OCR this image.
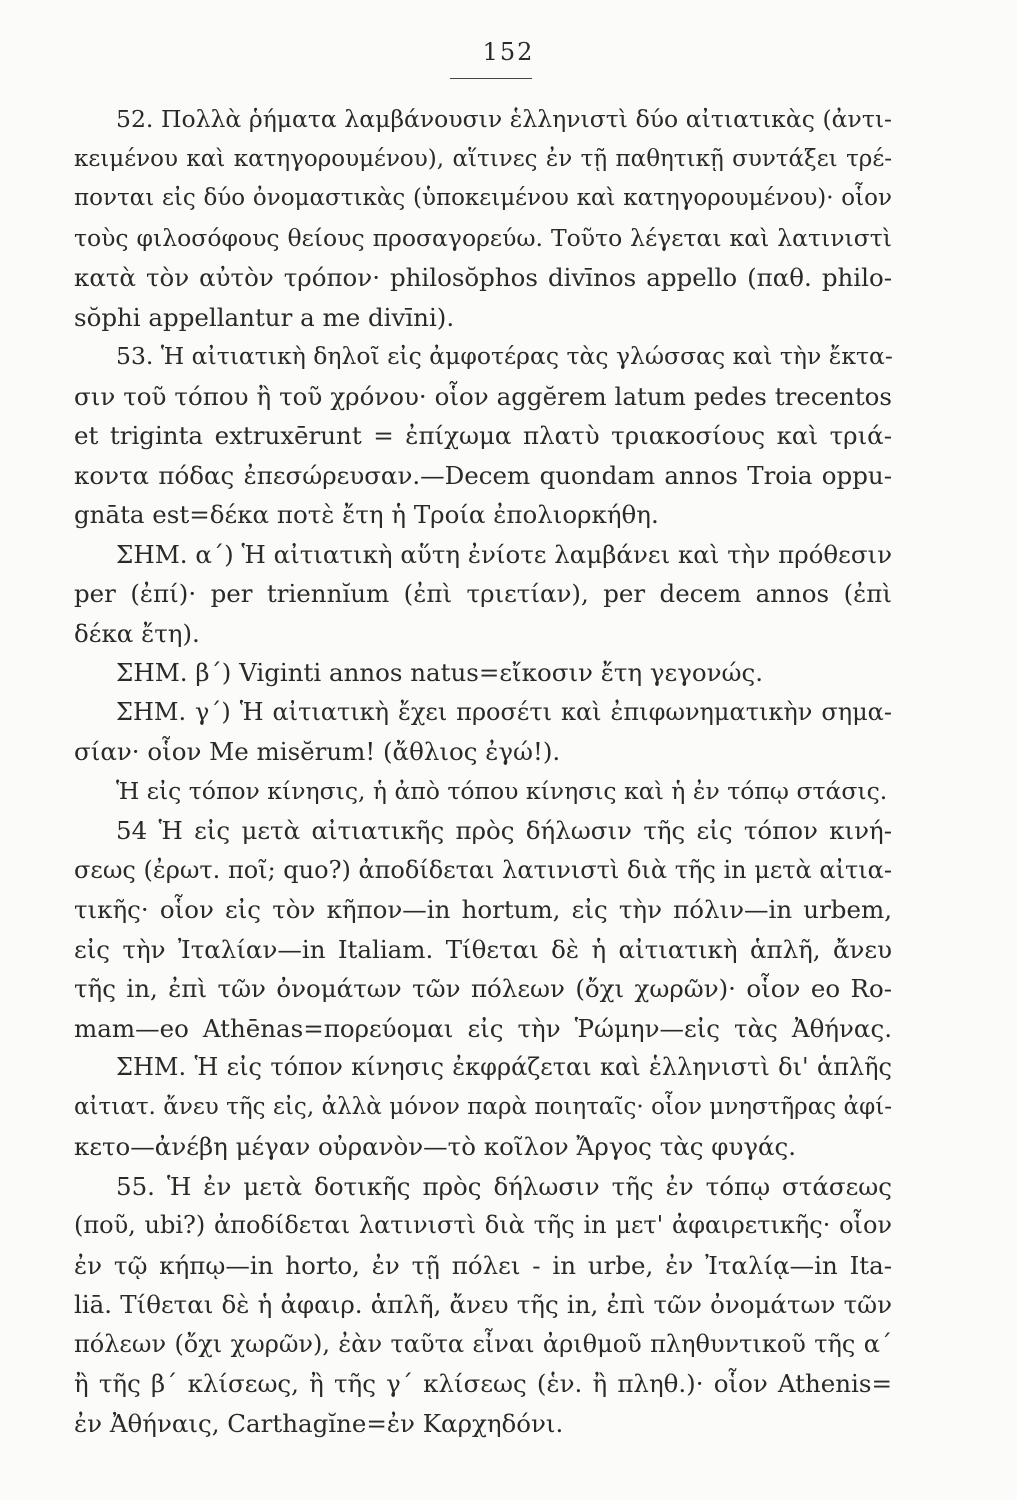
152
52. Πολλὰ ῥήματα λαμβάνουσιν ἑλληνιστὶ δύο αἰτιατικὰς (ἀντι-
κειμένου καὶ κατηγορουμένου), αἵτινες ἐν τῇ παθητικῇ συντάξει τρέ-
πονται εἰς δύο ὀνομαστικὰς (ὑποκειμένου καὶ κατηγορουμένου)· οἷον
τοὺς φιλοσόφους θείους προσαγορεύω. Τοῦτο λέγεται καὶ λατινιστὶ
κατὰ τὸν αὐτὸν τρόπον· philosŏphos divīnos appello (παθ. philo-
sŏphi appellantur a me divīni).
53. Ἡ αἰτιατικὴ δηλοῖ εἰς ἀμφοτέρας τὰς γλώσσας καὶ τὴν ἔκτα-
σιν τοῦ τόπου ἢ τοῦ χρόνου· οἷον aggĕrem latum pedes trecentos
et triginta extruxērunt = ἐπίχωμα πλατὺ τριακοσίους καὶ τριά-
κοντα πόδας ἐπεσώρευσαν.—Decem quondam annos Troia oppu-
gnāta est=δέκα ποτὲ ἔτη ἡ Τροία ἐπολιορκήθη.
ΣΗΜ. α΄) Ἡ αἰτιατικὴ αὕτη ἐνίοτε λαμβάνει καὶ τὴν πρόθεσιν
per (ἐπί)· per triennĭum (ἐπὶ τριετίαν), per decem annos (ἐπὶ
δέκα ἔτη).
ΣΗΜ. β΄) Viginti annos natus=εἴκοσιν ἔτη γεγονώς.
ΣΗΜ. γ΄) Ἡ αἰτιατικὴ ἔχει προσέτι καὶ ἐπιφωνηματικὴν σημα-
σίαν· οἷον Me misĕrum! (ἄθλιος ἐγώ!).
Ἡ εἰς τόπον κίνησις, ἡ ἀπὸ τόπου κίνησις καὶ ἡ ἐν τόπῳ στάσις.
54 Ἡ εἰς μετὰ αἰτιατικῆς πρὸς δήλωσιν τῆς εἰς τόπον κινή-
σεως (ἐρωτ. ποῖ; quo?) ἀποδίδεται λατινιστὶ διὰ τῆς in μετὰ αἰτια-
τικῆς· οἷον εἰς τὸν κῆπον—in hortum, εἰς τὴν πόλιν—in urbem,
εἰς τὴν Ἰταλίαν—in Italiam. Τίθεται δὲ ἡ αἰτιατικὴ ἁπλῆ, ἄνευ
τῆς in, ἐπὶ τῶν ὀνομάτων τῶν πόλεων (ὄχι χωρῶν)· οἷον eo Ro-
mam—eo Athēnas=πορεύομαι εἰς τὴν Ῥώμην—εἰς τὰς Ἀθήνας.
ΣΗΜ. Ἡ εἰς τόπον κίνησις ἐκφράζεται καὶ ἑλληνιστὶ δι' ἁπλῆς
αἰτιατ. ἄνευ τῆς εἰς, ἀλλὰ μόνον παρὰ ποιηταῖς· οἷον μνηστῆρας ἀφί-
κετο—ἀνέβη μέγαν οὐρανὸν—τὸ κοῖλον Ἄργος τὰς φυγάς.
55. Ἡ ἐν μετὰ δοτικῆς πρὸς δήλωσιν τῆς ἐν τόπῳ στάσεως
(ποῦ, ubi?) ἀποδίδεται λατινιστὶ διὰ τῆς in μετ' ἀφαιρετικῆς· οἷον
ἐν τῷ κήπῳ—in horto, ἐν τῇ πόλει - in urbe, ἐν Ἰταλίᾳ—in Ita-
liā. Τίθεται δὲ ἡ ἀφαιρ. ἁπλῆ, ἄνευ τῆς in, ἐπὶ τῶν ὀνομάτων τῶν
πόλεων (ὄχι χωρῶν), ἐὰν ταῦτα εἶναι ἀριθμοῦ πληθυντικοῦ τῆς α΄
ἢ τῆς β΄ κλίσεως, ἢ τῆς γ΄ κλίσεως (ἑν. ἢ πληθ.)· οἷον Athenis=
ἐν Ἀθήναις, Carthagĭne=ἐν Καρχηδόνι.
